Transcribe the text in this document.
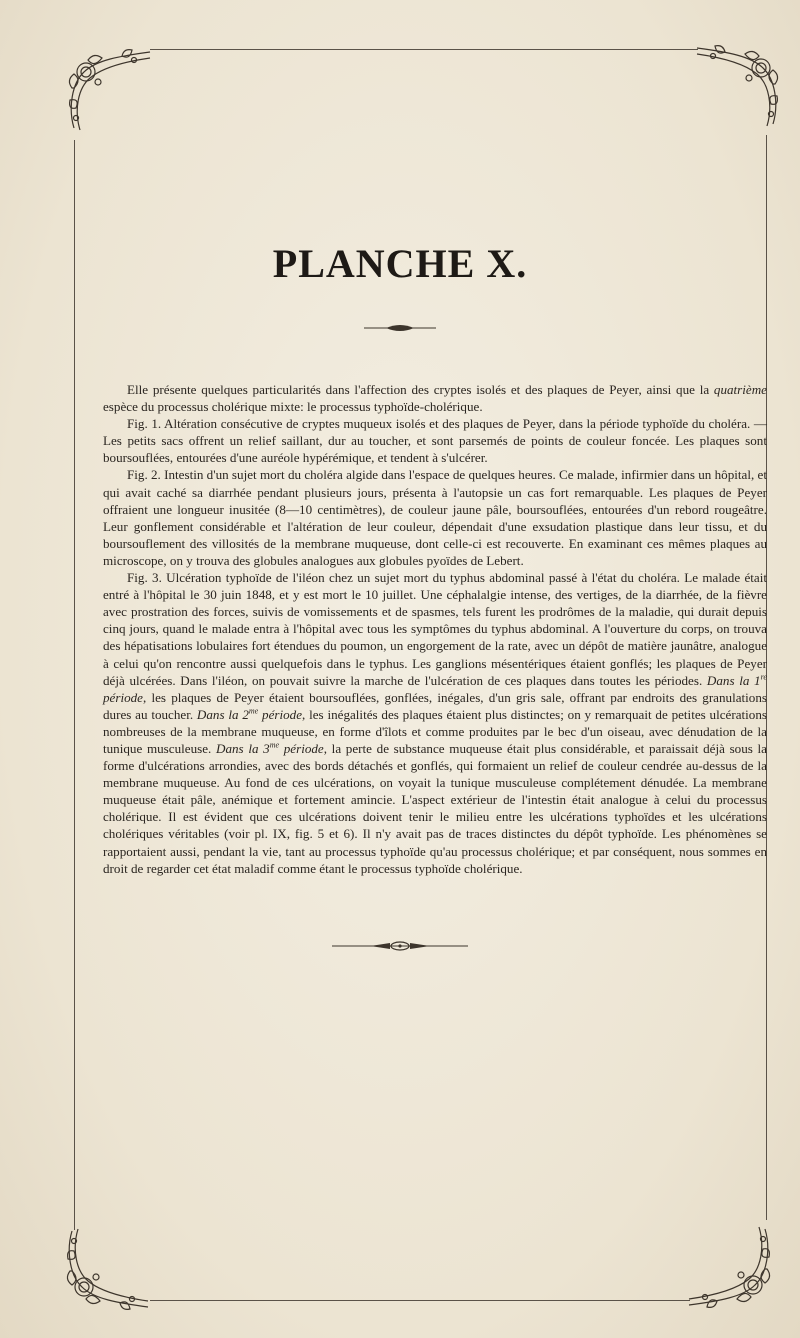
PLANCHE X.

Elle présente quelques particularités dans l'affection des cryptes isolés et des plaques de Peyer, ainsi que la quatrième espèce du processus cholérique mixte: le processus typhoïde-cholérique.

Fig. 1. Altération consécutive de cryptes muqueux isolés et des plaques de Peyer, dans la période typhoïde du choléra. — Les petits sacs offrent un relief saillant, dur au toucher, et sont parsemés de points de couleur foncée. Les plaques sont boursouflées, entourées d'une auréole hypérémique, et tendent à s'ulcérer.

Fig. 2. Intestin d'un sujet mort du choléra algide dans l'espace de quelques heures. Ce malade, infirmier dans un hôpital, et qui avait caché sa diarrhée pendant plusieurs jours, présenta à l'autopsie un cas fort remarquable. Les plaques de Peyer offraient une longueur inusitée (8—10 centimètres), de couleur jaune pâle, boursouflées, entourées d'un rebord rougeâtre. Leur gonflement considérable et l'altération de leur couleur, dépendait d'une exsudation plastique dans leur tissu, et du boursouflement des villosités de la membrane muqueuse, dont celle-ci est recouverte. En examinant ces mêmes plaques au microscope, on y trouva des globules analogues aux globules pyoïdes de Lebert.

Fig. 3. Ulcération typhoïde de l'iléon chez un sujet mort du typhus abdominal passé à l'état du choléra. Le malade était entré à l'hôpital le 30 juin 1848, et y est mort le 10 juillet. Une céphalalgie intense, des vertiges, de la diarrhée, de la fièvre avec prostration des forces, suivis de vomissements et de spasmes, tels furent les prodrômes de la maladie, qui durait depuis cinq jours, quand le malade entra à l'hôpital avec tous les symptômes du typhus abdominal. A l'ouverture du corps, on trouva des hépatisations lobulaires fort étendues du poumon, un engorgement de la rate, avec un dépôt de matière jaunâtre, analogue à celui qu'on rencontre aussi quelquefois dans le typhus. Les ganglions mésentériques étaient gonflés; les plaques de Peyer déjà ulcérées. Dans l'iléon, on pouvait suivre la marche de l'ulcération de ces plaques dans toutes les périodes. Dans la 1re période, les plaques de Peyer étaient boursouflées, gonflées, inégales, d'un gris sale, offrant par endroits des granulations dures au toucher. Dans la $2^{me}$ période, les inégalités des plaques étaient plus distinctes; on y remarquait de petites ulcérations nombreuses de la membrane muqueuse, en forme d'îlots et comme produites par le bec d'un oiseau, avec dénudation de la tunique musculeuse. Dans la $3^{me}$ période, la perte de substance muqueuse était plus considérable, et paraissait déjà sous la forme d'ulcérations arrondies, avec des bords détachés et gonflés, qui formaient un relief de couleur cendrée au-dessus de la membrane muqueuse. Au fond de ces ulcérations, on voyait la tunique musculeuse complétement dénudée. La membrane muqueuse était pâle, anémique et fortement amincie. L'aspect extérieur de l'intestin était analogue à celui du processus cholérique. Il est évident que ces ulcérations doivent tenir le milieu entre les ulcérations typhoïdes et les ulcérations cholériques véritables (voir pl. IX, fig. 5 et 6). Il n'y avait pas de traces distinctes du dépôt typhoïde. Les phénomènes se rapportaient aussi, pendant la vie, tant au processus typhoïde qu'au processus cholérique; et par conséquent, nous sommes en droit de regarder cet état maladif comme étant le processus typhoïde cholérique.
